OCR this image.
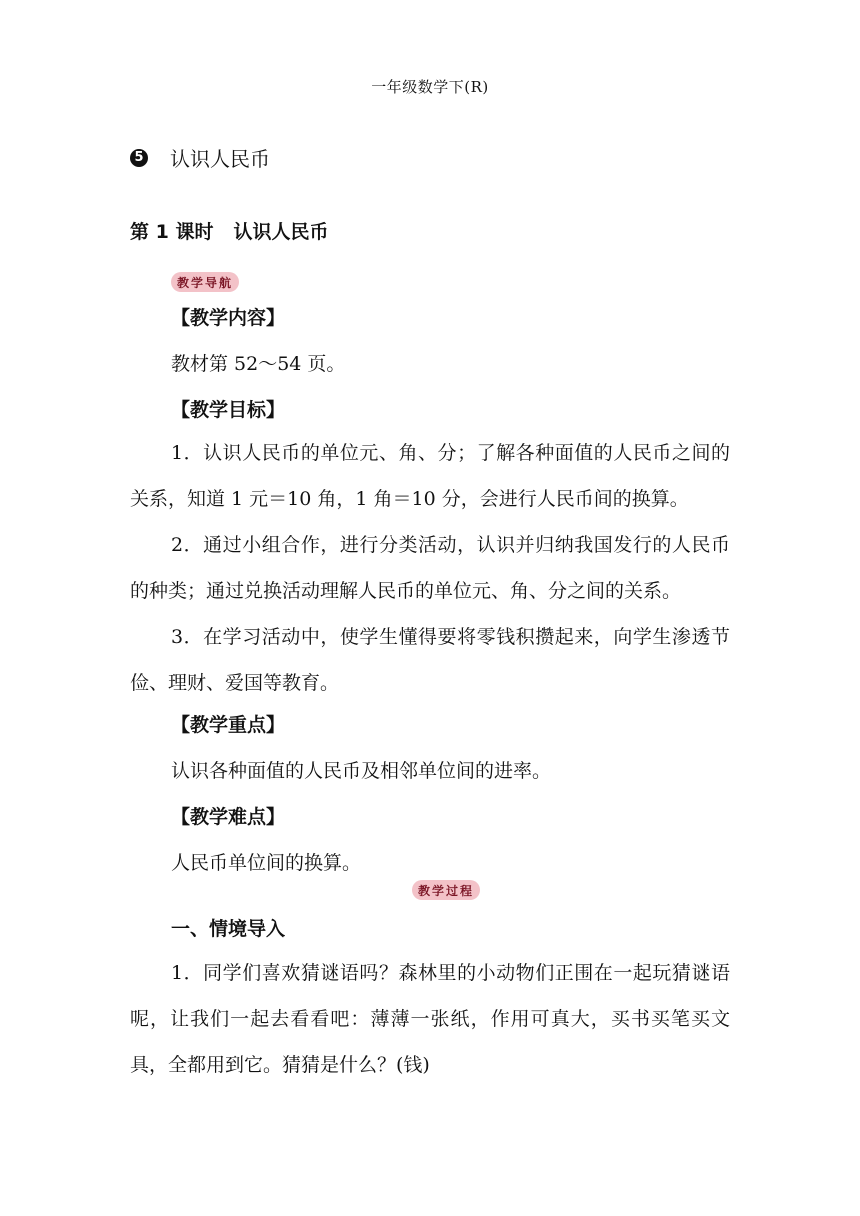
一年级数学下(R)
5 认识人民币
第 1 课时 认识人民币
教学导航
【教学内容】
教材第 52～54 页。
【教学目标】
1．认识人民币的单位元、角、分；了解各种面值的人民币之间的关系，知道 1 元＝10 角，1 角＝10 分，会进行人民币间的换算。
2．通过小组合作，进行分类活动，认识并归纳我国发行的人民币的种类；通过兑换活动理解人民币的单位元、角、分之间的关系。
3．在学习活动中，使学生懂得要将零钱积攒起来，向学生渗透节俭、理财、爱国等教育。
【教学重点】
认识各种面值的人民币及相邻单位间的进率。
【教学难点】
人民币单位间的换算。
教学过程
一、情境导入
1．同学们喜欢猜谜语吗？森林里的小动物们正围在一起玩猜谜语呢，让我们一起去看看吧：薄薄一张纸，作用可真大，买书买笔买文具，全都用到它。猜猜是什么？(钱)
